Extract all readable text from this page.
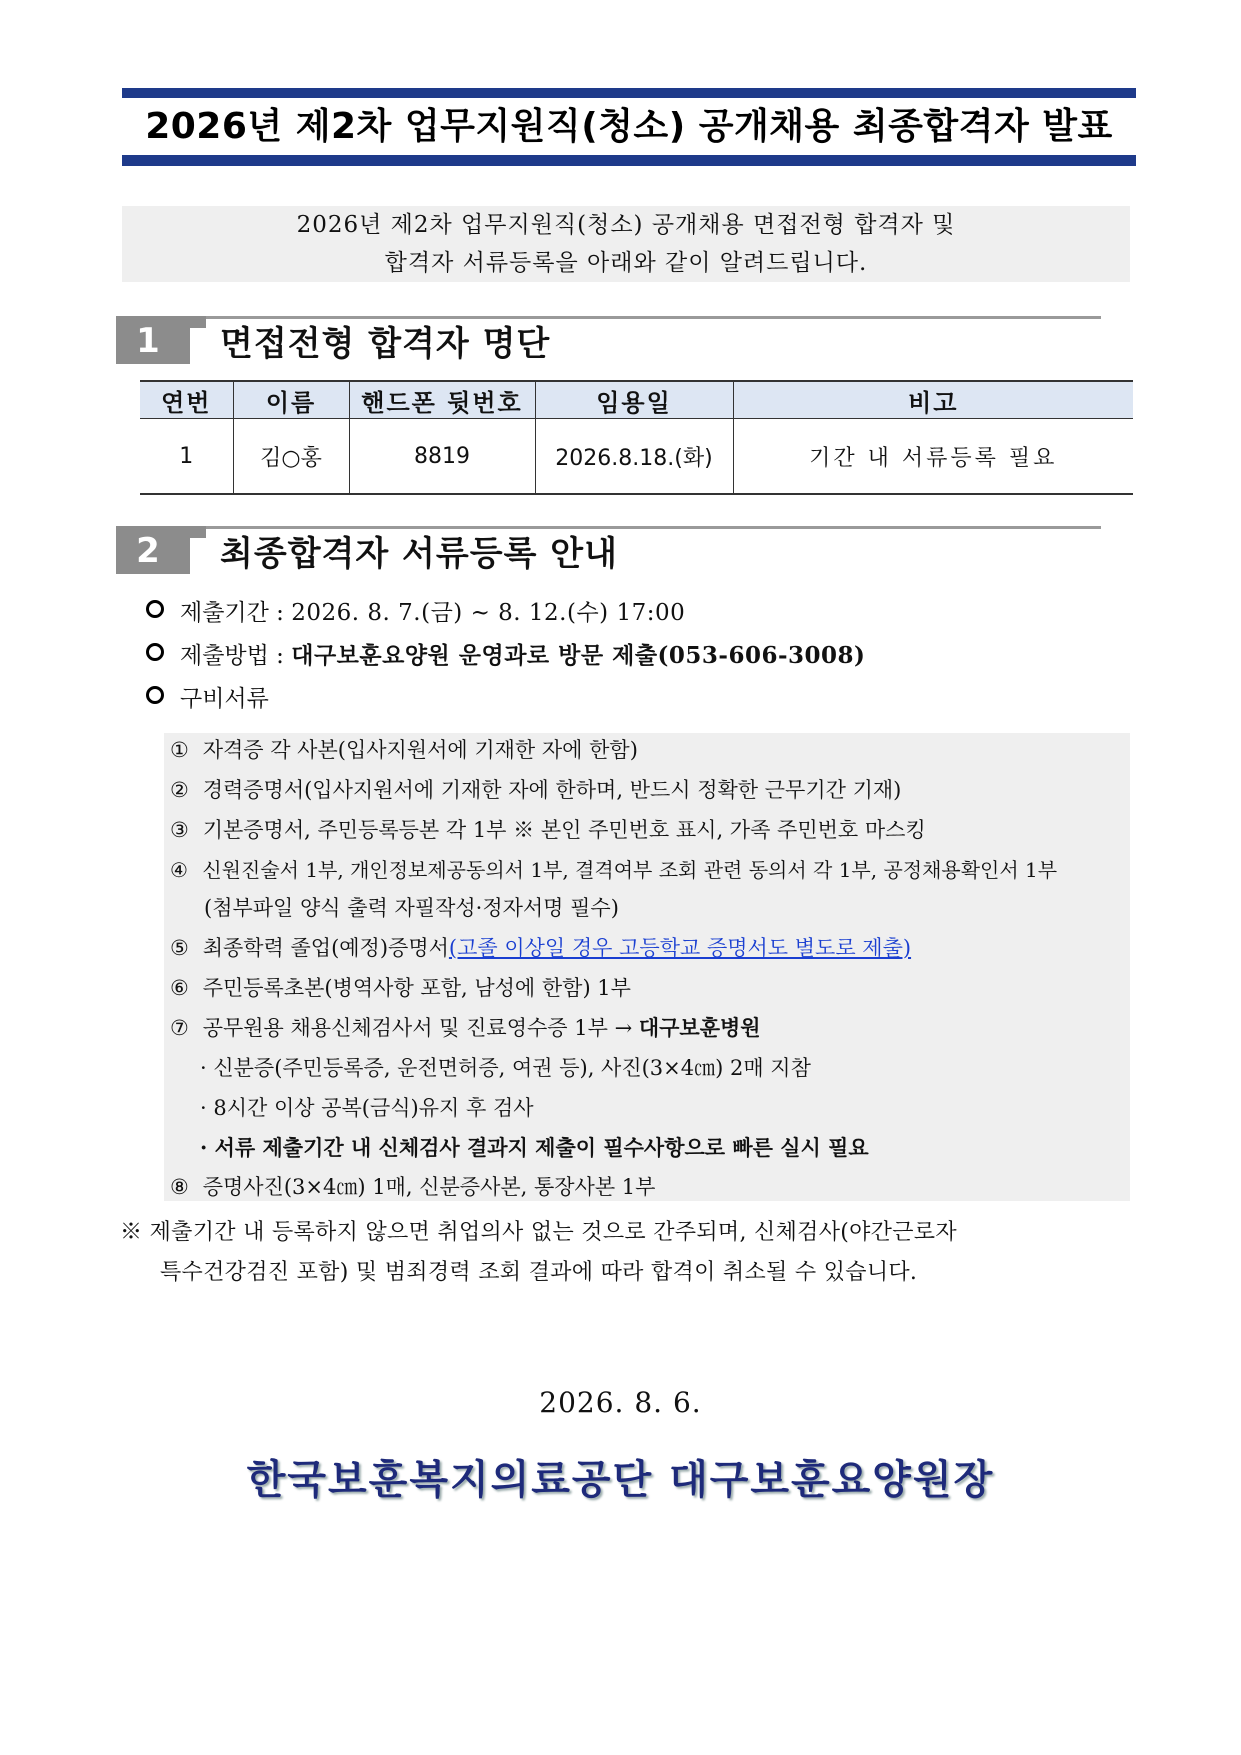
2026년 제2차 업무지원직(청소) 공개채용 최종합격자 발표
2026년 제2차 업무지원직(청소) 공개채용 면접전형 합격자 및
합격자 서류등록을 아래와 같이 알려드립니다.
1	면접전형 합격자 명단
연번	이름	핸드폰 뒷번호	임용일	비고
1	김○홍	8819	2026.8.18.(화)	기간 내 서류등록 필요
2	최종합격자 서류등록 안내
제출기간 : 2026. 8. 7.(금) ~ 8. 12.(수) 17:00
제출방법 : 대구보훈요양원 운영과로 방문 제출(053-606-3008)
구비서류
① 자격증 각 사본(입사지원서에 기재한 자에 한함)
② 경력증명서(입사지원서에 기재한 자에 한하며, 반드시 정확한 근무기간 기재)
③ 기본증명서, 주민등록등본 각 1부 ※ 본인 주민번호 표시, 가족 주민번호 마스킹
④ 신원진술서 1부, 개인정보제공동의서 1부, 결격여부 조회 관련 동의서 각 1부, 공정채용확인서 1부
(첨부파일 양식 출력 자필작성·정자서명 필수)
⑤ 최종학력 졸업(예정)증명서(고졸 이상일 경우 고등학교 증명서도 별도로 제출)
⑥ 주민등록초본(병역사항 포함, 남성에 한함) 1부
⑦ 공무원용 채용신체검사서 및 진료영수증 1부 → 대구보훈병원
· 신분증(주민등록증, 운전면허증, 여권 등), 사진(3×4㎝) 2매 지참
· 8시간 이상 공복(금식)유지 후 검사
· 서류 제출기간 내 신체검사 결과지 제출이 필수사항으로 빠른 실시 필요
⑧ 증명사진(3×4㎝) 1매, 신분증사본, 통장사본 1부
※ 제출기간 내 등록하지 않으면 취업의사 없는 것으로 간주되며, 신체검사(야간근로자
특수건강검진 포함) 및 범죄경력 조회 결과에 따라 합격이 취소될 수 있습니다.
2026. 8. 6.
한국보훈복지의료공단 대구보훈요양원장
